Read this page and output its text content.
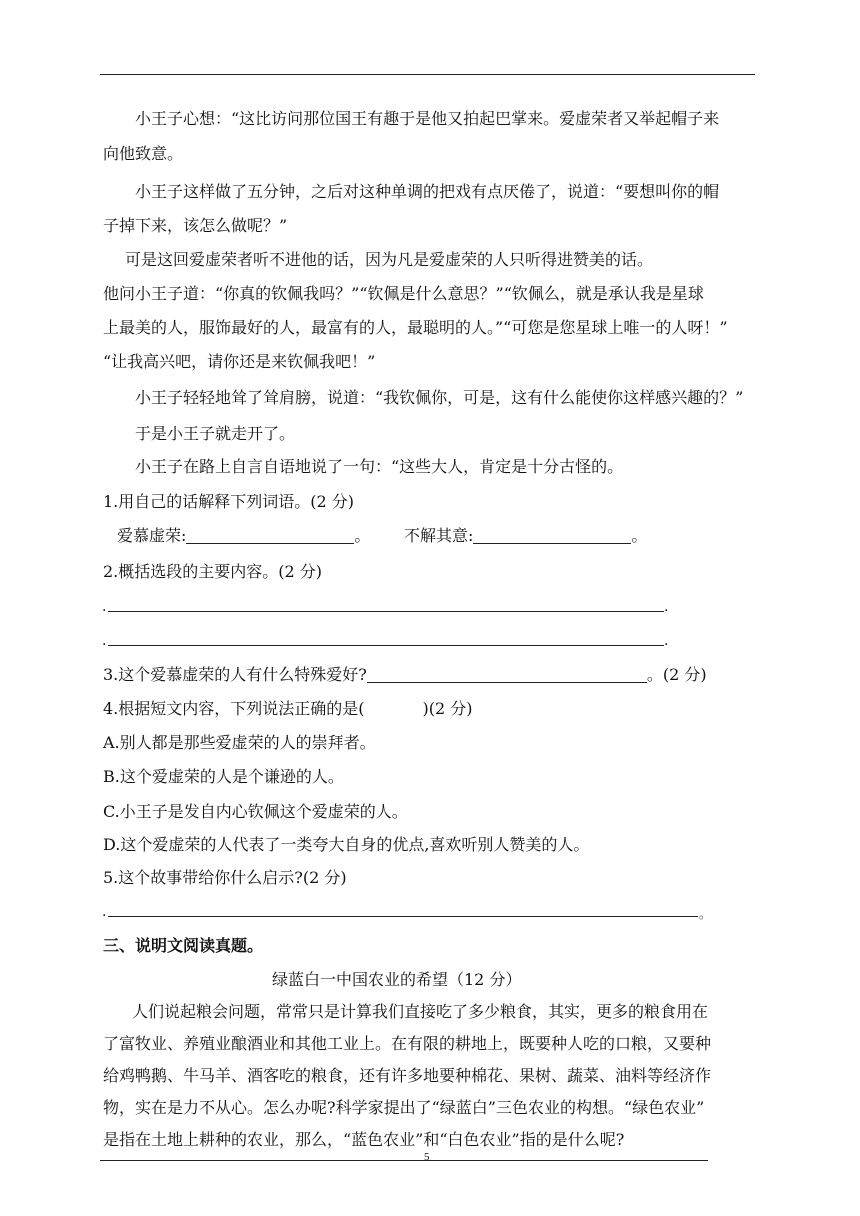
小王子心想：“这比访问那位国王有趣于是他又拍起巴掌来。爱虚荣者又举起帽子来
向他致意。
小王子这样做了五分钟，之后对这种单调的把戏有点厌倦了，说道：“要想叫你的帽
子掉下来，该怎么做呢？”
可是这回爱虚荣者听不进他的话，因为凡是爱虚荣的人只听得进赞美的话。
他问小王子道：“你真的钦佩我吗？”“钦佩是什么意思？”“钦佩么，就是承认我是星球
上最美的人，服饰最好的人，最富有的人，最聪明的人。”“可您是您星球上唯一的人呀！”
“让我高兴吧，请你还是来钦佩我吧！”
小王子轻轻地耸了耸肩膀，说道：“我钦佩你，可是，这有什么能使你这样感兴趣的？”
于是小王子就走开了。
小王子在路上自言自语地说了一句：“这些大人，肯定是十分古怪的。
1.用自己的话解释下列词语。(2 分)
爱慕虚荣:	。 不解其意:	。
2.概括选段的主要内容。(2 分)
.	.
.	.
3.这个爱慕虚荣的人有什么特殊爱好?	。(2 分)
4.根据短文内容，下列说法正确的是(	)(2 分)
A.别人都是那些爱虚荣的人的崇拜者。
B.这个爱虚荣的人是个谦逊的人。
C.小王子是发自内心钦佩这个爱虚荣的人。
D.这个爱虚荣的人代表了一类夸大自身的优点,喜欢听别人赞美的人。
5.这个故事带给你什么启示?(2 分)
.	。
三、说明文阅读真题。
绿蓝白一中国农业的希望（12 分）
人们说起粮会问题，常常只是计算我们直接吃了多少粮食，其实，更多的粮食用在
了富牧业、养殖业酿酒业和其他工业上。在有限的耕地上，既要种人吃的口粮，又要种
给鸡鸭鹅、牛马羊、酒客吃的粮食，还有许多地要种棉花、果树、蔬菜、油料等经济作
物，实在是力不从心。怎么办呢?科学家提出了“绿蓝白”三色农业的构想。“绿色农业”
是指在土地上耕种的农业，那么，“蓝色农业”和“白色农业”指的是什么呢?
5
